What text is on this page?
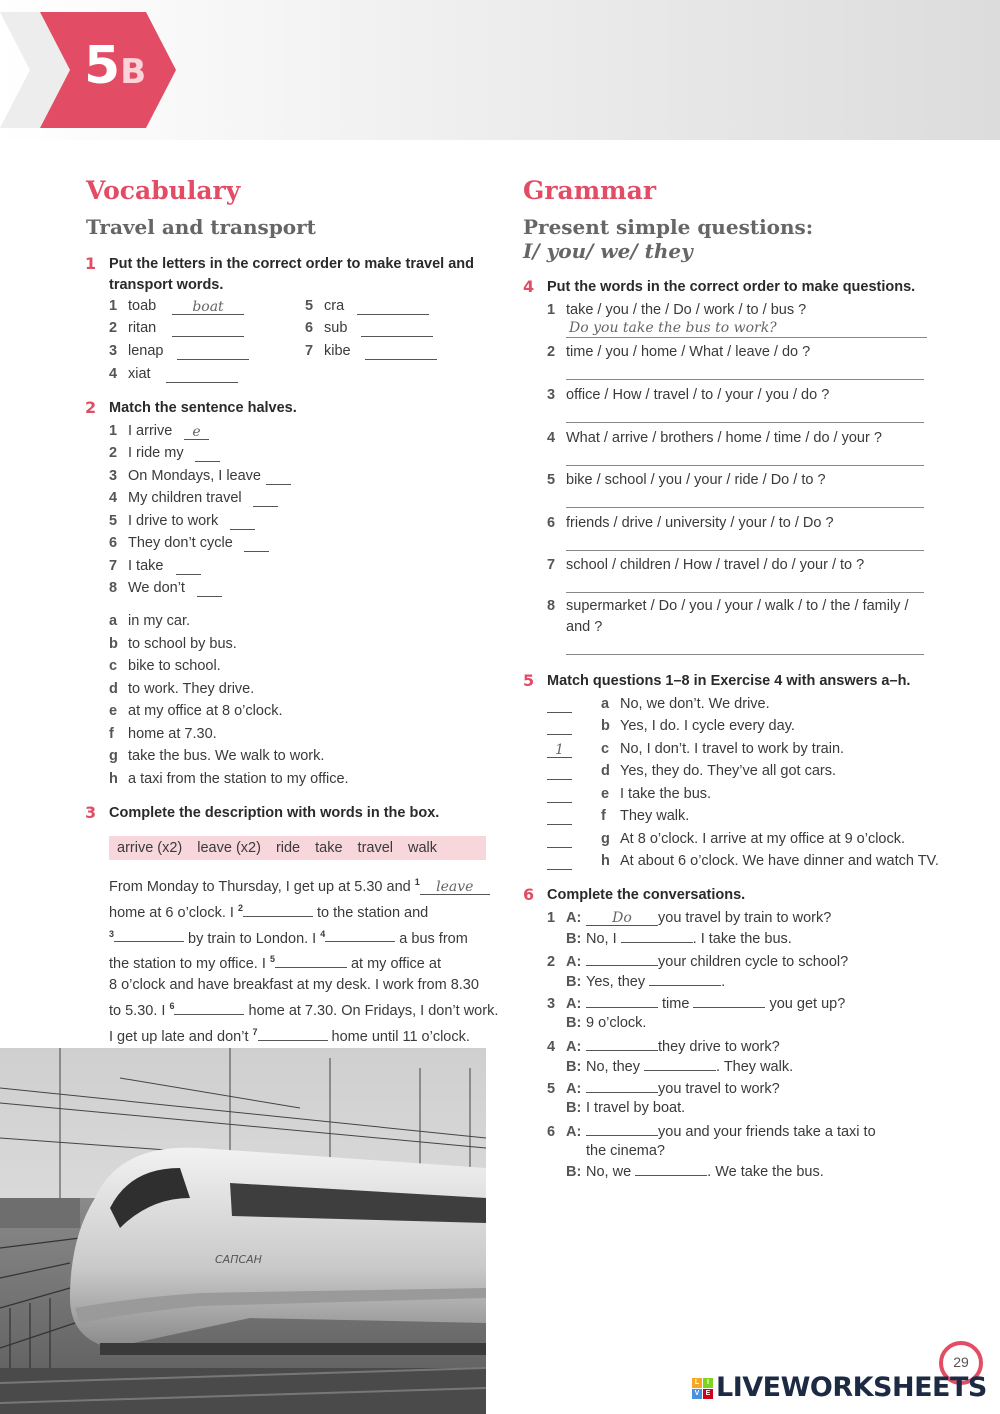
5B
Vocabulary
Travel and transport
1 Put the letters in the correct order to make travel and
transport words.
1 toab	boat
2 ritan
3 lenap
4 xiat
5 cra
6 sub
7 kibe
2 Match the sentence halves.
1 I arrive	e
2 I ride my
3 On Mondays, I leave
4 My children travel
5 I drive to work
6 They don’t cycle
7 I take
8 We don’t
a in my car.
b to school by bus.
c bike to school.
d to work. They drive.
e at my office at 8 o’clock.
f home at 7.30.
g take the bus. We walk to work.
h a taxi from the station to my office.
3 Complete the description with words in the box.
arrive (x2) leave (x2) ride take travel walk
From Monday to Thursday, I get up at 5.30 and $^1$ leave
home at 6 o’clock. I $^2$	to the station and
$^3$	by train to London. I $^4$	a bus from
the station to my office. I $^5$	at my office at
8 o’clock and have breakfast at my desk. I work from 8.30
to 5.30. I $^6$	home at 7.30. On Fridays, I don’t work.
I get up late and don’t $^7$	home until 11 o’clock.
САПСАН
Grammar
Present simple questions:
I/ you/ we/ they
4 Put the words in the correct order to make questions.
1 take / you / the / Do / work / to / bus ?
Do you take the bus to work?
2 time / you / home / What / leave / do ?
3 office / How / travel / to / your / you / do ?
4 What / arrive / brothers / home / time / do / your ?
5 bike / school / you / your / ride / Do / to ?
6 friends / drive / university / your / to / Do ?
7 school / children / How / travel / do / your / to ?
8 supermarket / Do / you / your / walk / to / the / family /
and ?
5 Match questions 1–8 in Exercise 4 with answers a–h.
a No, we don’t. We drive.
b Yes, I do. I cycle every day.
1	c No, I don’t. I travel to work by train.
d Yes, they do. They’ve all got cars.
e I take the bus.
f They walk.
g At 8 o’clock. I arrive at my office at 9 o’clock.
h At about 6 o’clock. We have dinner and watch TV.
6 Complete the conversations.
1 A: Do you travel by train to work?
B: No, I	. I take the bus.
2 A:	your children cycle to school?
B: Yes, they	.
3 A:	time	you get up?
B: 9 o’clock.
4 A:	they drive to work?
B: No, they	. They walk.
5 A:	you travel to work?
B: I travel by boat.
6 A:	you and your friends take a taxi to
the cinema?
B: No, we	. We take the bus.
29
L	I
V E LIVEWORKSHEETS
